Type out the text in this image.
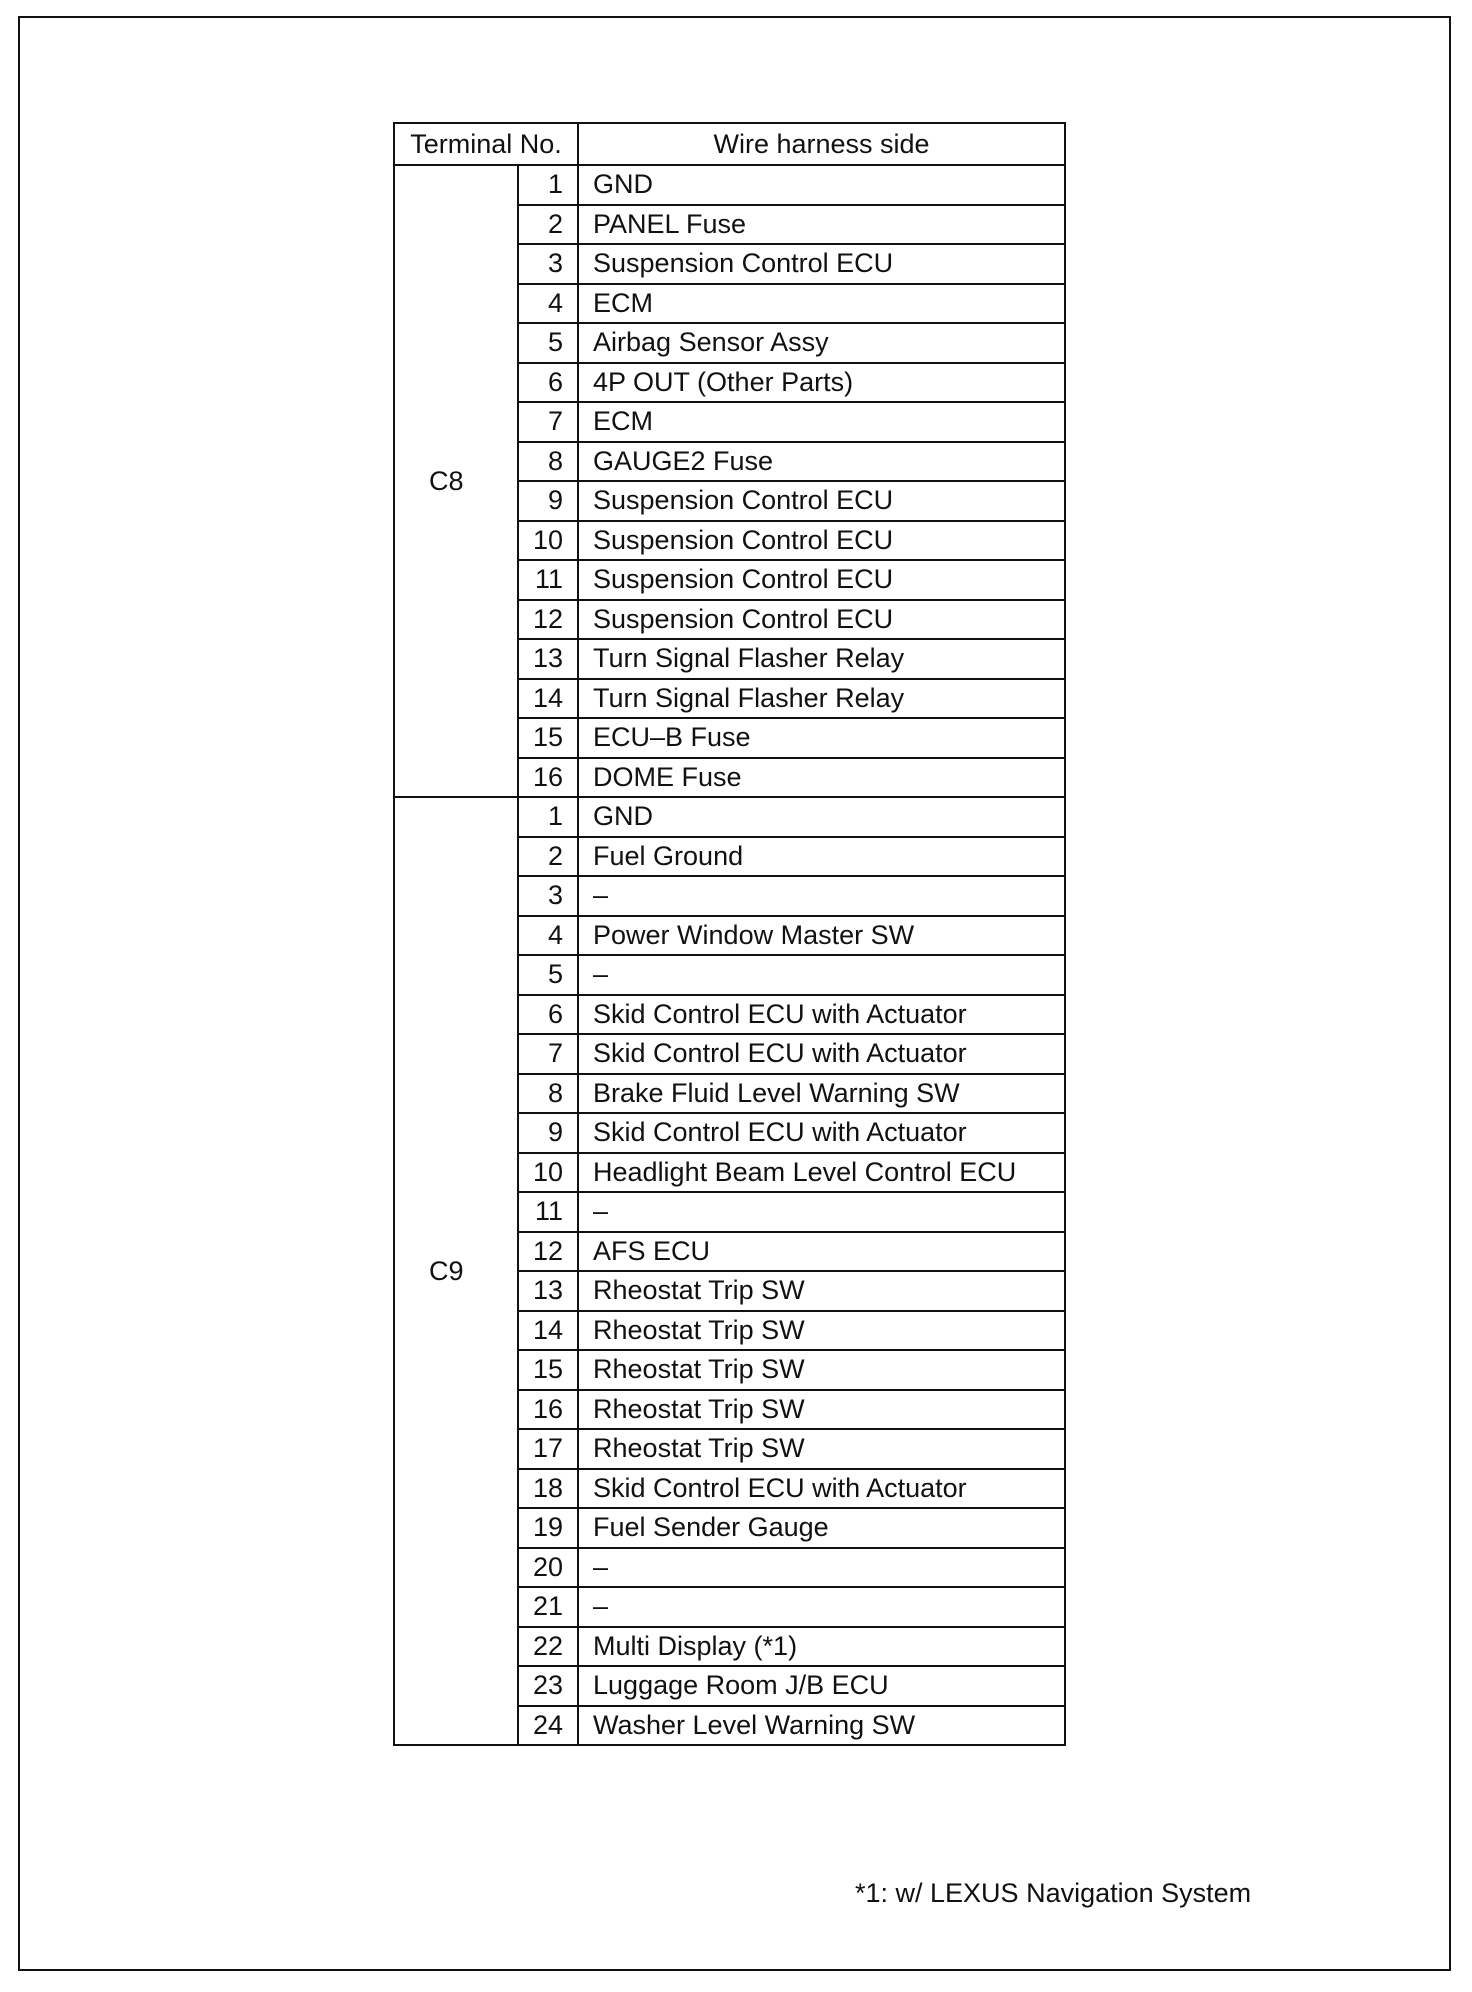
Terminal No.		Wire harness side
C8	1	GND
	2	PANEL Fuse
	3	Suspension Control ECU
	4	ECM
	5	Airbag Sensor Assy
	6	4P OUT (Other Parts)
	7	ECM
	8	GAUGE2 Fuse
	9	Suspension Control ECU
	10	Suspension Control ECU
	11	Suspension Control ECU
	12	Suspension Control ECU
	13	Turn Signal Flasher Relay
	14	Turn Signal Flasher Relay
	15	ECU–B Fuse
	16	DOME Fuse
C9	1	GND
	2	Fuel Ground
	3	–
	4	Power Window Master SW
	5	–
	6	Skid Control ECU with Actuator
	7	Skid Control ECU with Actuator
	8	Brake Fluid Level Warning SW
	9	Skid Control ECU with Actuator
	10	Headlight Beam Level Control ECU
	11	–
	12	AFS ECU
	13	Rheostat Trip SW
	14	Rheostat Trip SW
	15	Rheostat Trip SW
	16	Rheostat Trip SW
	17	Rheostat Trip SW
	18	Skid Control ECU with Actuator
	19	Fuel Sender Gauge
	20	–
	21	–
	22	Multi Display (*1)
	23	Luggage Room J/B ECU
	24	Washer Level Warning SW
*1: w/ LEXUS Navigation System
